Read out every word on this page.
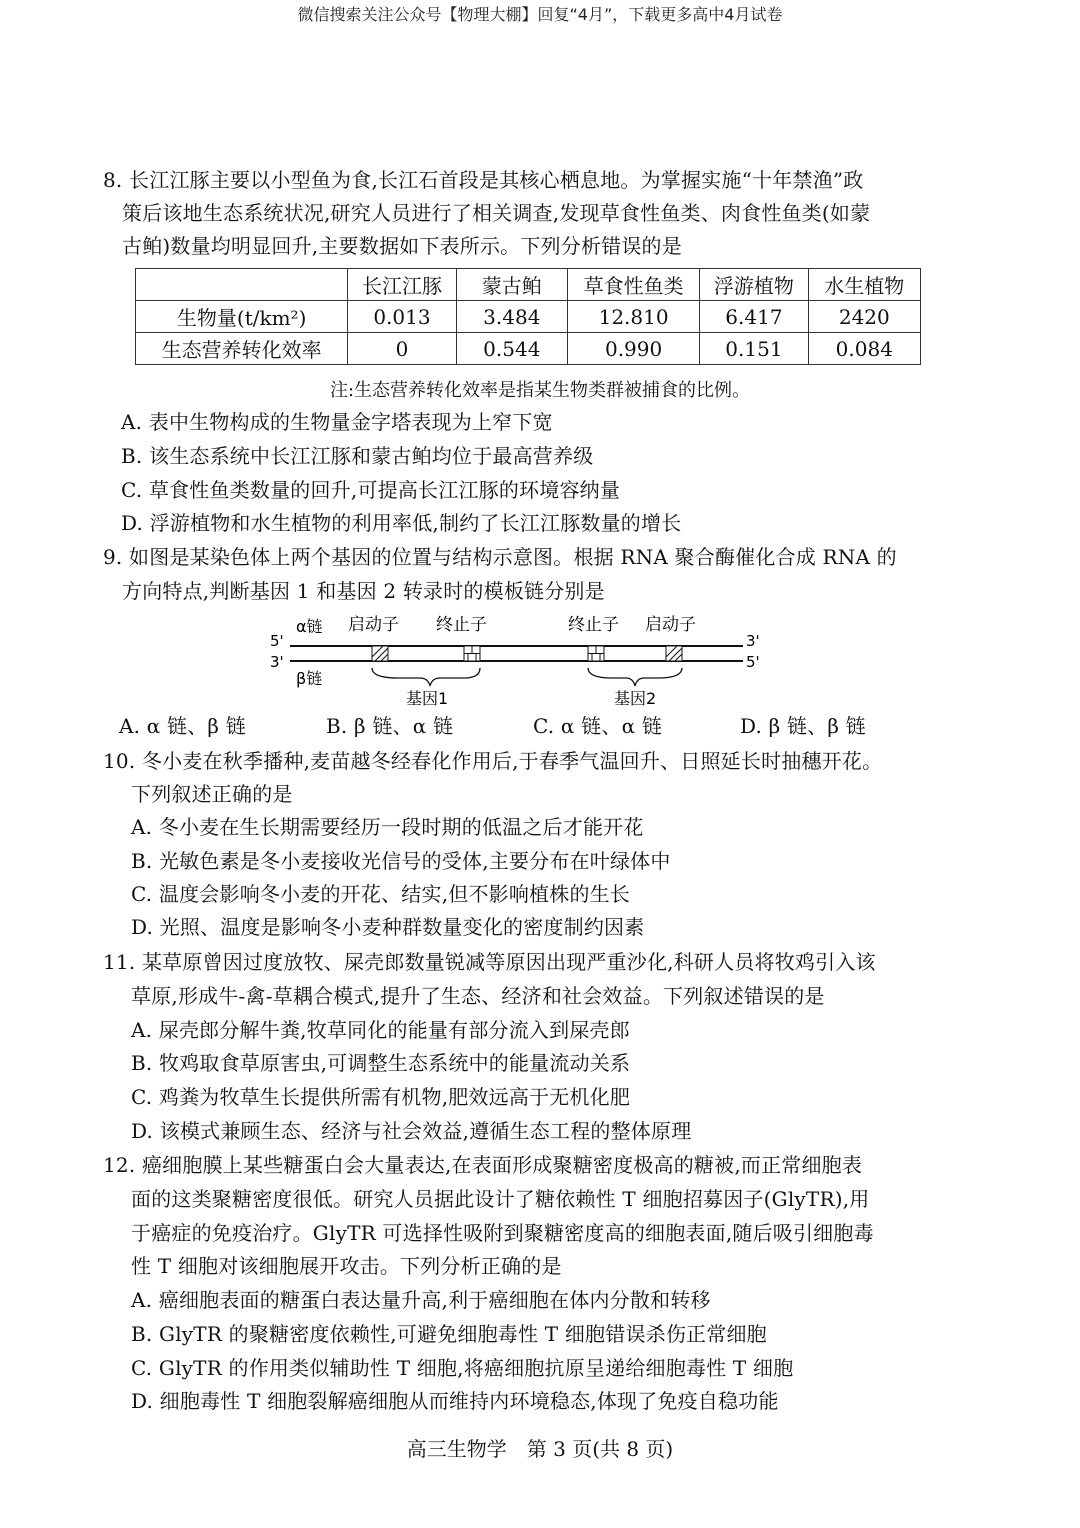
微信搜索关注公众号【物理大棚】回复“4月”，下载更多高中4月试卷
8. 长江江豚主要以小型鱼为食,长江石首段是其核心栖息地。为掌握实施“十年禁渔”政
策后该地生态系统状况,研究人员进行了相关调查,发现草食性鱼类、肉食性鱼类(如蒙
古鲌)数量均明显回升,主要数据如下表所示。下列分析错误的是
	长江江豚	蒙古鲌	草食性鱼类	浮游植物	水生植物
生物量(t/km²)	0.013	3.484	12.810	6.417	2420
生态营养转化效率	0	0.544	0.990	0.151	0.084
注:生态营养转化效率是指某生物类群被捕食的比例。
A. 表中生物构成的生物量金字塔表现为上窄下宽
B. 该生态系统中长江江豚和蒙古鲌均位于最高营养级
C. 草食性鱼类数量的回升,可提高长江江豚的环境容纳量
D. 浮游植物和水生植物的利用率低,制约了长江江豚数量的增长
9. 如图是某染色体上两个基因的位置与结构示意图。根据 RNA 聚合酶催化合成 RNA 的
方向特点,判断基因 1 和基因 2 转录时的模板链分别是
5'
3'
3'
5'
α链
β链
启动子 终止子	终止子 启动子
基因1	基因2
A. α 链、β 链	B. β 链、α 链	C. α 链、α 链	D. β 链、β 链
10. 冬小麦在秋季播种,麦苗越冬经春化作用后,于春季气温回升、日照延长时抽穗开花。
下列叙述正确的是
A. 冬小麦在生长期需要经历一段时期的低温之后才能开花
B. 光敏色素是冬小麦接收光信号的受体,主要分布在叶绿体中
C. 温度会影响冬小麦的开花、结实,但不影响植株的生长
D. 光照、温度是影响冬小麦种群数量变化的密度制约因素
11. 某草原曾因过度放牧、屎壳郎数量锐减等原因出现严重沙化,科研人员将牧鸡引入该
草原,形成牛-禽-草耦合模式,提升了生态、经济和社会效益。下列叙述错误的是
A. 屎壳郎分解牛粪,牧草同化的能量有部分流入到屎壳郎
B. 牧鸡取食草原害虫,可调整生态系统中的能量流动关系
C. 鸡粪为牧草生长提供所需有机物,肥效远高于无机化肥
D. 该模式兼顾生态、经济与社会效益,遵循生态工程的整体原理
12. 癌细胞膜上某些糖蛋白会大量表达,在表面形成聚糖密度极高的糖被,而正常细胞表
面的这类聚糖密度很低。研究人员据此设计了糖依赖性 T 细胞招募因子(GlyTR),用
于癌症的免疫治疗。GlyTR 可选择性吸附到聚糖密度高的细胞表面,随后吸引细胞毒
性 T 细胞对该细胞展开攻击。下列分析正确的是
A. 癌细胞表面的糖蛋白表达量升高,利于癌细胞在体内分散和转移
B. GlyTR 的聚糖密度依赖性,可避免细胞毒性 T 细胞错误杀伤正常细胞
C. GlyTR 的作用类似辅助性 T 细胞,将癌细胞抗原呈递给细胞毒性 T 细胞
D. 细胞毒性 T 细胞裂解癌细胞从而维持内环境稳态,体现了免疫自稳功能
高三生物学　第 3 页(共 8 页)
